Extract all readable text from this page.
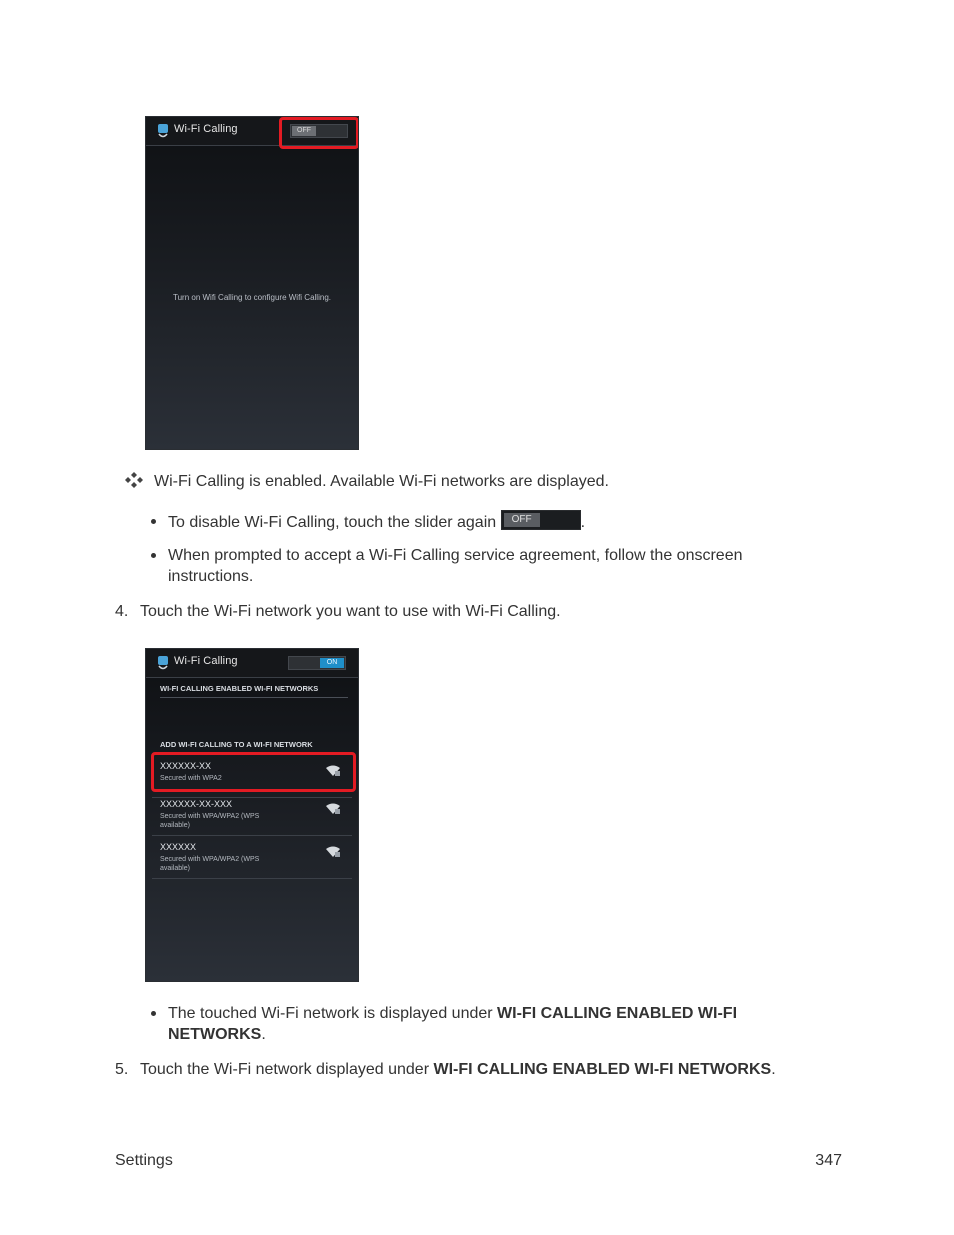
Wi-Fi Calling	OFF
Turn on Wifi Calling to configure Wifi Calling.
Wi-Fi Calling is enabled. Available Wi-Fi networks are displayed.
To disable Wi-Fi Calling, touch the slider again	OFF	.
When prompted to accept a Wi-Fi Calling service agreement, follow the onscreen instructions.
4. Touch the Wi-Fi network you want to use with Wi-Fi Calling.
Wi-Fi Calling	ON
WI-FI CALLING ENABLED WI-FI NETWORKS
ADD WI-FI CALLING TO A WI-FI NETWORK
XXXXXX-XX
Secured with WPA2
XXXXXX-XX-XXX
Secured with WPA/WPA2 (WPS available)
XXXXXX
Secured with WPA/WPA2 (WPS available)
The touched Wi-Fi network is displayed under WI-FI CALLING ENABLED WI-FI NETWORKS.
5. Touch the Wi-Fi network displayed under WI-FI CALLING ENABLED WI-FI NETWORKS.
Settings	347
